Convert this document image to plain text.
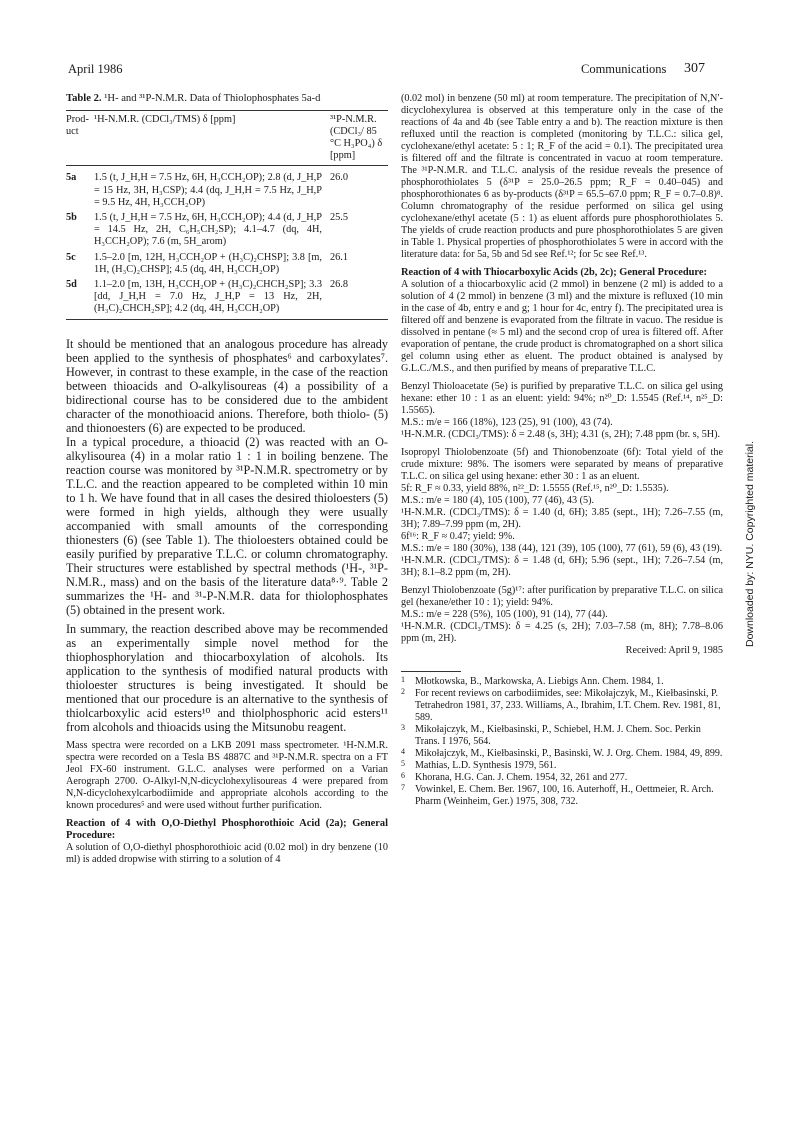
April 1986	Communications 307
Table 2. ¹H- and ³¹P-N.M.R. Data of Thiolophosphates 5a-d
Prod-uct	¹H-N.M.R. (CDCl₃/TMS) δ [ppm]	³¹P-N.M.R. (CDCl₃/ 85 °C H₃PO₄) δ [ppm]
5a	1.5 (t, J_H,H = 7.5 Hz, 6H, H₃CCH₂OP); 2.8 (d, J_H,P = 15 Hz, 3H, H₃CSP); 4.4 (dq, J_H,H = 7.5 Hz, J_H,P = 9.5 Hz, 4H, H₃CCH₂OP)	26.0
5b	1.5 (t, J_H,H = 7.5 Hz, 6H, H₃CCH₂OP); 4.4 (d, J_H,P = 14.5 Hz, 2H, C₆H₅CH₂SP); 4.1–4.7 (dq, 4H, H₃CCH₂OP); 7.6 (m, 5H_arom)	25.5
5c	1.5–2.0 [m, 12H, H₃CCH₂OP + (H₃C)₂CHSP]; 3.8 [m, 1H, (H₃C)₂CHSP]; 4.5 (dq, 4H, H₃CCH₂OP)	26.1
5d	1.1–2.0 [m, 13H, H₃CCH₂OP + (H₃C)₂CHCH₂SP]; 3.3 [dd, J_H,H = 7.0 Hz, J_H,P = 13 Hz, 2H, (H₃C)₂CHCH₂SP]; 4.2 (dq, 4H, H₃CCH₂OP)	26.8

It should be mentioned that an analogous procedure has already been applied to the synthesis of phosphates⁶ and carboxylates⁷. However, in contrast to these example, in the case of the reaction between thioacids and O-alkylisoureas (4) a possibility of a bidirectional course has to be considered due to the ambident character of the monothioacid anions. Therefore, both thiolo- (5) and thionoesters (6) are expected to be produced.

In a typical procedure, a thioacid (2) was reacted with an O-alkylisourea (4) in a molar ratio 1 : 1 in boiling benzene. The reaction course was monitored by ³¹P-N.M.R. spectrometry or by T.L.C. and the reaction appeared to be completed within 10 min to 1 h. We have found that in all cases the desired thioloesters (5) were formed in high yields, although they were usually accompanied with small amounts of the corresponding thionesters (6) (see Table 1). The thioloesters obtained could be easily purified by preparative T.L.C. or column chromatography. Their structures were established by spectral methods (¹H-, ³¹P-N.M.R., mass) and on the basis of the literature data⁸·⁹. Table 2 summarizes the ¹H- and ³¹-P-N.M.R. data for thiolophosphates (5) obtained in the present work.

In summary, the reaction described above may be recommended as an experimentally simple novel method for the thiophosphorylation and thiocarboxylation of alcohols. Its application to the synthesis of modified natural products with thioloester structures is being investigated. It should be mentioned that our procedure is an alternative to the synthesis of thiolcarboxylic acid esters¹⁰ and thiolphosphoric acid esters¹¹ from alcohols and thioacids using the Mitsunobu reagent.

Mass spectra were recorded on a LKB 2091 mass spectrometer. ¹H-N.M.R. spectra were recorded on a Tesla BS 4887C and ³¹P-N.M.R. spectra on a FT Jeol FX-60 instrument. G.L.C. analyses were performed on a Varian Aerograph 2700. O-Alkyl-N,N-dicyclohexylisoureas 4 were prepared from N,N-dicyclohexylcarbodiimide and appropriate alcohols according to the known procedures⁵ and were used without further purification.

Reaction of 4 with O,O-Diethyl Phosphorothioic Acid (2a); General Procedure:

A solution of O,O-diethyl phosphorothioic acid (0.02 mol) in dry benzene (10 ml) is added dropwise with stirring to a solution of 4

(0.02 mol) in benzene (50 ml) at room temperature. The precipitation of N,N′-dicyclohexylurea is observed at this temperature only in the case of the reactions of 4a and 4b (see Table entry a and b). The reaction mixture is then refluxed until the reaction is completed (monitoring by T.L.C.: silica gel, cyclohexane/ethyl acetate: 5 : 1; R_F of the acid = 0.1). The precipitated urea is filtered off and the filtrate is concentrated in vacuo at room temperature. The ³¹P-N.M.R. and T.L.C. analysis of the residue reveals the presence of phosphorothiolates 5 (δ³¹P = 25.0–26.5 ppm; R_F = 0.40–045) and phosphorothionates 6 as by-products (δ³¹P = 65.5–67.0 ppm; R_F = 0.7–0.8)⁸. Column chromatography of the residue performed on silica gel using cyclohexane/ethyl acetate (5 : 1) as eluent affords pure phosphorothiolates 5. The yields of crude reaction products and pure phosphorothiolates 5 are given in Table 1. Physical properties of phosphorothiolates 5 were in accord with the literature data: for 5a, 5b and 5d see Ref.¹²; for 5c see Ref.¹³.

Reaction of 4 with Thiocarboxylic Acids (2b, 2c); General Procedure:

A solution of a thiocarboxylic acid (2 mmol) in benzene (2 ml) is added to a solution of 4 (2 mmol) in benzene (3 ml) and the mixture is refluxed (10 min in the case of 4b, entry e and g; 1 hour for 4c, entry f). The precipitated urea is filtered off and benzene is evaporated from the filtrate in vacuo. The residue is dissolved in pentane (≈ 5 ml) and the second crop of urea is filtered off. After evaporation of pentane, the crude product is chromatographed on a short silica gel column using ether as eluent. The product obtained is analysed by G.L.C./M.S., and then purified by means of preparative T.L.C.

Benzyl Thioloacetate (5e) is purified by preparative T.L.C. on silica gel using hexane: ether 10 : 1 as an eluent: yield: 94%; n²⁰_D: 1.5545 (Ref.¹⁴, n²⁵_D: 1.5565).

M.S.: m/e = 166 (18%), 123 (25), 91 (100), 43 (74).

¹H-N.M.R. (CDCl₃/TMS): δ = 2.48 (s, 3H); 4.31 (s, 2H); 7.48 ppm (br. s, 5H).

Isopropyl Thiolobenzoate (5f) and Thionobenzoate (6f): Total yield of the crude mixture: 98%. The isomers were separated by means of preparative T.L.C. on silica gel using hexane: ether 30 : 1 as an eluent.

5f: R_F ≈ 0.33, yield 88%, n²²_D: 1.5555 (Ref.¹⁵, n²⁰_D: 1.5535).

M.S.: m/e = 180 (4), 105 (100), 77 (46), 43 (5).

¹H-N.M.R. (CDCl₃/TMS): δ = 1.40 (d, 6H); 3.85 (sept., 1H); 7.26–7.55 (m, 3H); 7.89–7.99 ppm (m, 2H).

6f¹⁶: R_F ≈ 0.47; yield: 9%.

M.S.: m/e = 180 (30%), 138 (44), 121 (39), 105 (100), 77 (61), 59 (6), 43 (19).

¹H-N.M.R. (CDCl₃/TMS): δ = 1.48 (d, 6H); 5.96 (sept., 1H); 7.26–7.54 (m, 3H); 8.1–8.2 ppm (m, 2H).

Benzyl Thiolobenzoate (5g)¹⁷: after purification by preparative T.L.C. on silica gel (hexane/ether 10 : 1); yield: 94%.

M.S.: m/e = 228 (5%), 105 (100), 91 (14), 77 (44).

¹H-N.M.R. (CDCl₃/TMS): δ = 4.25 (s, 2H); 7.03–7.58 (m, 8H); 7.78–8.06 ppm (m, 2H).

Received: April 9, 1985

1 Młotkowska, B., Markowska, A. Liebigs Ann. Chem. 1984, 1.
2 For recent reviews on carbodiimides, see: Mikołajczyk, M., Kiełbasinski, P. Tetrahedron 1981, 37, 233. Williams, A., Ibrahim, I.T. Chem. Rev. 1981, 81, 589.
3 Mikołajczyk, M., Kiełbasinski, P., Schiebel, H.M. J. Chem. Soc. Perkin Trans. I 1976, 564.
4 Mikołajczyk, M., Kiełbasinski, P., Basinski, W. J. Org. Chem. 1984, 49, 899.
5 Mathias, L.D. Synthesis 1979, 561.
6 Khorana, H.G. Can. J. Chem. 1954, 32, 261 and 277.
7 Vowinkel, E. Chem. Ber. 1967, 100, 16. Auterhoff, H., Oettmeier, R. Arch. Pharm (Weinheim, Ger.) 1975, 308, 732.
Downloaded by: NYU. Copyrighted material.
